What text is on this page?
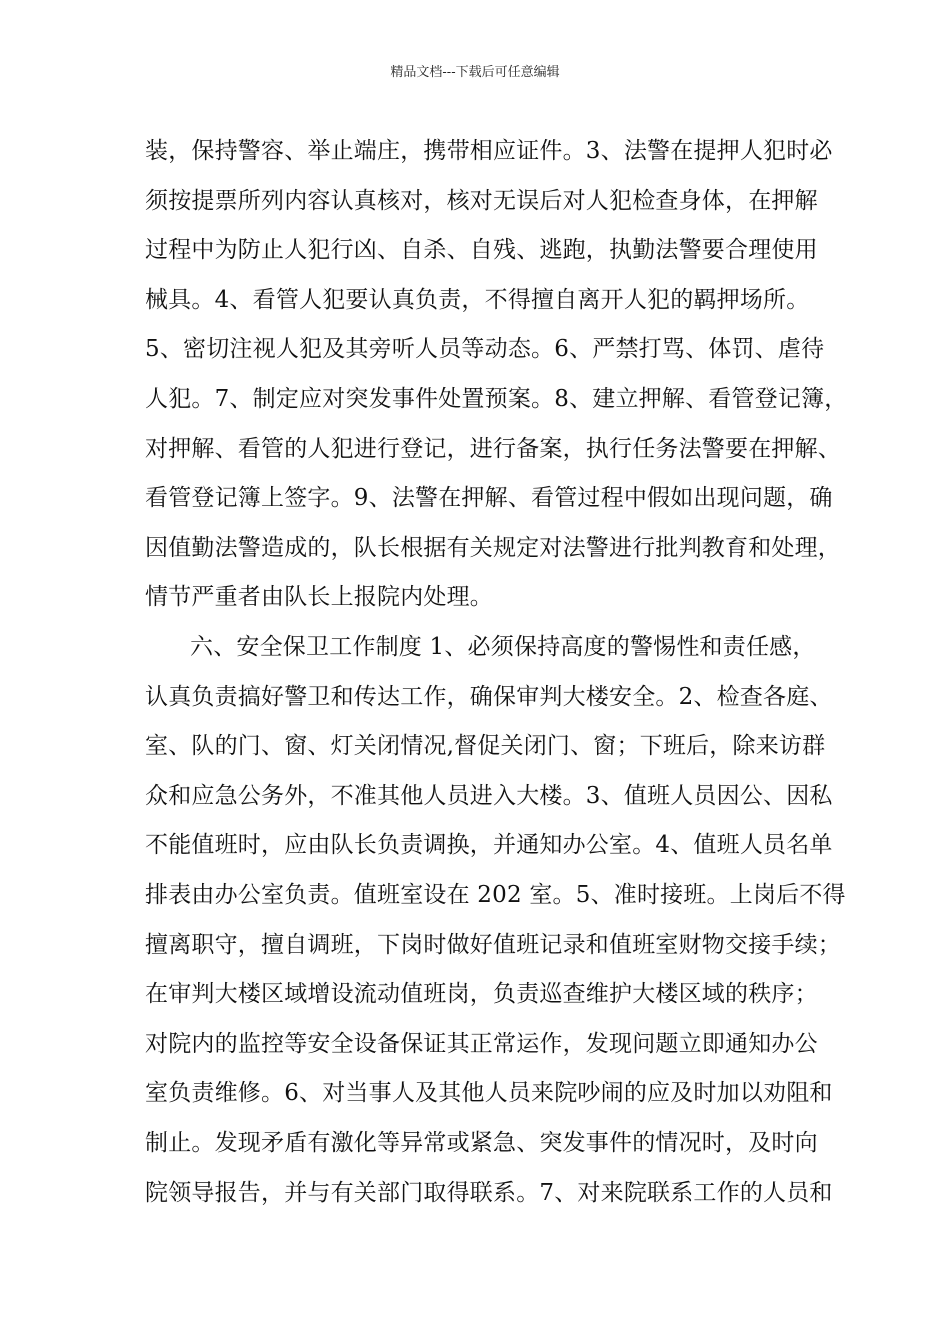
精品文档---下载后可任意编辑
装，保持警容、举止端庄，携带相应证件。3、法警在提押人犯时必
须按提票所列内容认真核对，核对无误后对人犯检查身体，在押解
过程中为防止人犯行凶、自杀、自残、逃跑，执勤法警要合理使用
械具。4、看管人犯要认真负责，不得擅自离开人犯的羁押场所。
5、密切注视人犯及其旁听人员等动态。6、严禁打骂、体罚、虐待
人犯。7、制定应对突发事件处置预案。8、建立押解、看管登记簿，
对押解、看管的人犯进行登记，进行备案，执行任务法警要在押解、
看管登记簿上签字。9、法警在押解、看管过程中假如出现问题，确
因值勤法警造成的，队长根据有关规定对法警进行批判教育和处理，
情节严重者由队长上报院内处理。
六、安全保卫工作制度 1、必须保持高度的警惕性和责任感，
认真负责搞好警卫和传达工作，确保审判大楼安全。2、检查各庭、
室、队的门、窗、灯关闭情况,督促关闭门、窗；下班后，除来访群
众和应急公务外，不准其他人员进入大楼。3、值班人员因公、因私
不能值班时，应由队长负责调换，并通知办公室。4、值班人员名单
排表由办公室负责。值班室设在 202 室。5、准时接班。上岗后不得
擅离职守，擅自调班，下岗时做好值班记录和值班室财物交接手续；
在审判大楼区域增设流动值班岗，负责巡查维护大楼区域的秩序；
对院内的监控等安全设备保证其正常运作，发现问题立即通知办公
室负责维修。6、对当事人及其他人员来院吵闹的应及时加以劝阻和
制止。发现矛盾有激化等异常或紧急、突发事件的情况时，及时向
院领导报告，并与有关部门取得联系。7、对来院联系工作的人员和
